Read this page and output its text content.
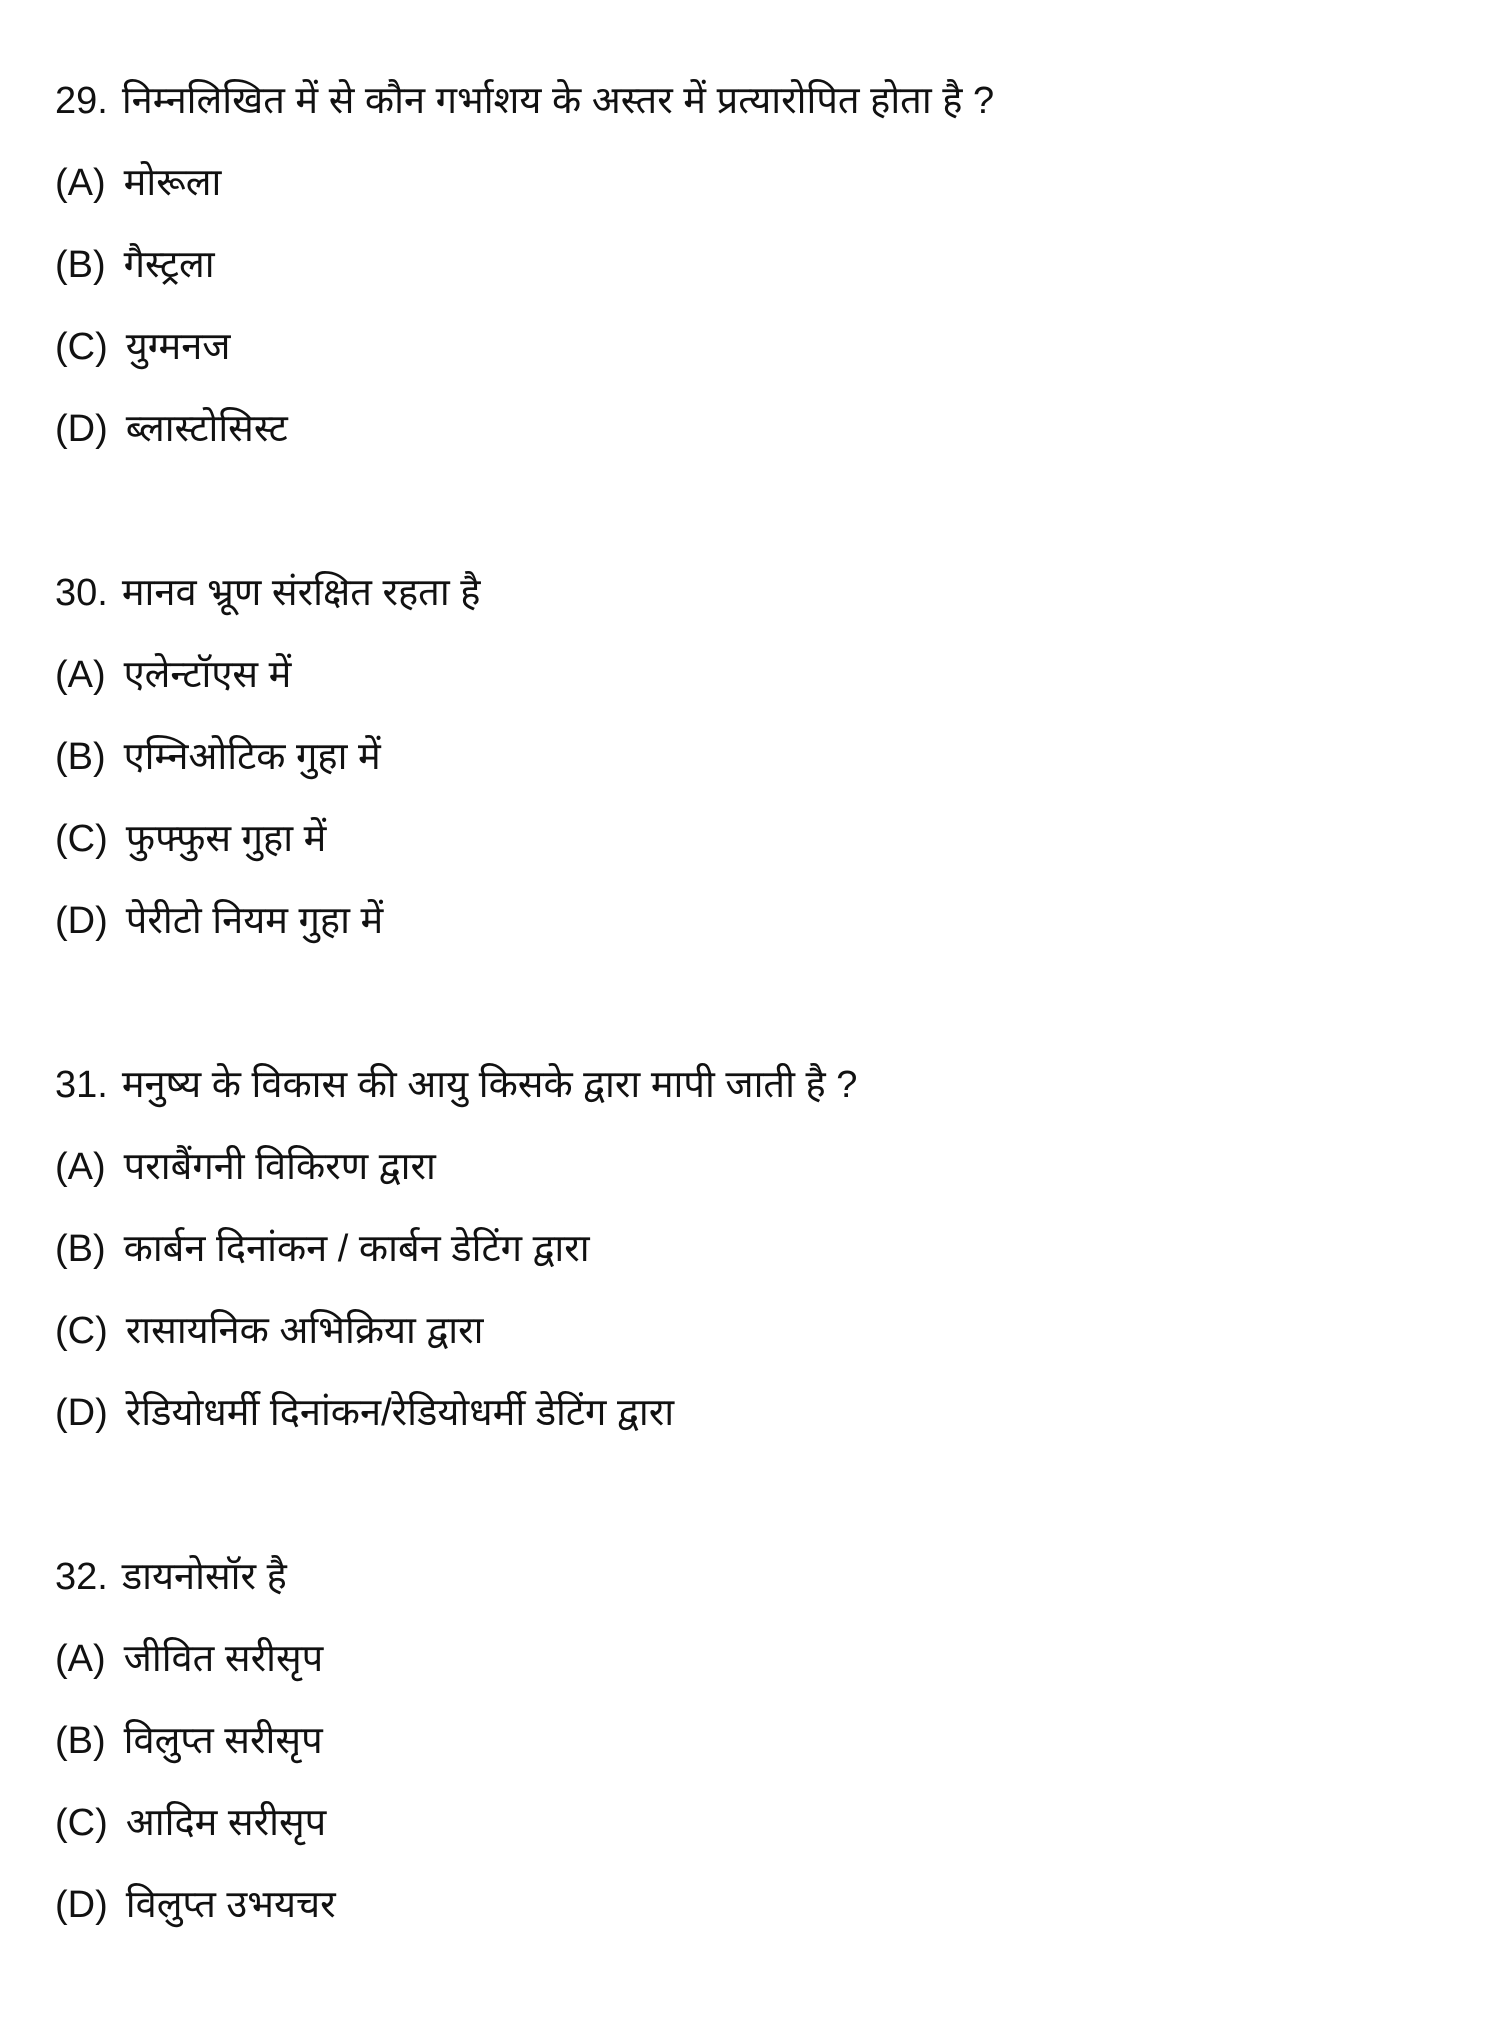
29. निम्नलिखित में से कौन गर्भाशय के अस्तर में प्रत्यारोपित होता है ?
(A) मोरूला
(B) गैस्ट्रला
(C) युग्मनज
(D) ब्लास्टोसिस्ट
30. मानव भ्रूण संरक्षित रहता है
(A) एलेन्टॉएस में
(B) एम्निओटिक गुहा में
(C) फुफ्फुस गुहा में
(D) पेरीटो नियम गुहा में
31. मनुष्य के विकास की आयु किसके द्वारा मापी जाती है ?
(A) पराबैंगनी विकिरण द्वारा
(B) कार्बन दिनांकन / कार्बन डेटिंग द्वारा
(C) रासायनिक अभिक्रिया द्वारा
(D) रेडियोधर्मी दिनांकन/रेडियोधर्मी डेटिंग द्वारा
32. डायनोसॉर है
(A) जीवित सरीसृप
(B) विलुप्त सरीसृप
(C) आदिम सरीसृप
(D) विलुप्त उभयचर
